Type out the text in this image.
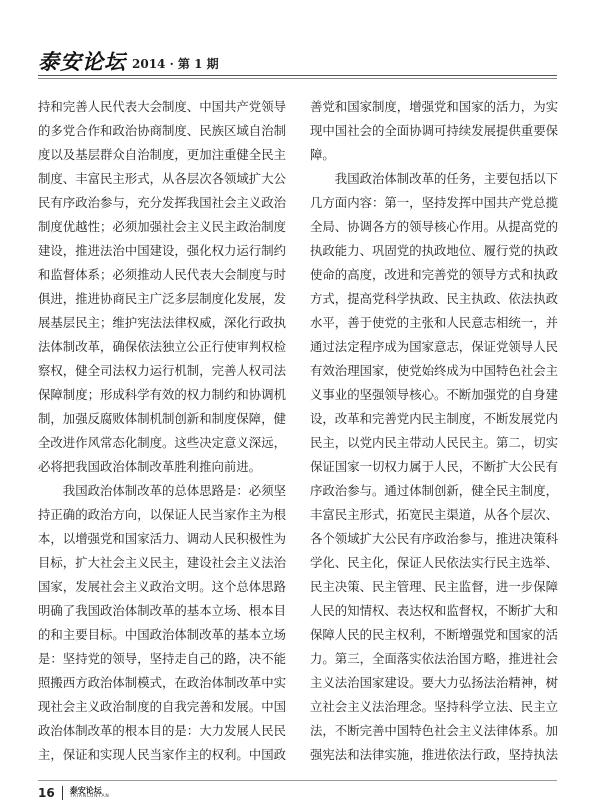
泰安论坛 2014 · 第 1 期

持和完善人民代表大会制度、中国共产党领导的多党合作和政治协商制度、民族区域自治制度以及基层群众自治制度，更加注重健全民主制度、丰富民主形式，从各层次各领域扩大公民有序政治参与，充分发挥我国社会主义政治制度优越性；必须加强社会主义民主政治制度建设，推进法治中国建设，强化权力运行制约和监督体系；必须推动人民代表大会制度与时俱进，推进协商民主广泛多层制度化发展，发展基层民主；维护宪法法律权威，深化行政执法体制改革，确保依法独立公正行使审判权检察权，健全司法权力运行机制，完善人权司法保障制度；形成科学有效的权力制约和协调机制，加强反腐败体制机制创新和制度保障，健全改进作风常态化制度。这些决定意义深远，必将把我国政治体制改革胜利推向前进。

我国政治体制改革的总体思路是：必须坚持正确的政治方向，以保证人民当家作主为根本，以增强党和国家活力、调动人民积极性为目标，扩大社会主义民主，建设社会主义法治国家，发展社会主义政治文明。这个总体思路明确了我国政治体制改革的基本立场、根本目的和主要目标。中国政治体制改革的基本立场是：坚持党的领导，坚持走自己的路，决不能照搬西方政治体制模式，在政治体制改革中实现社会主义政治制度的自我完善和发展。中国政治体制改革的根本目的是：大力发展人民民主，保证和实现人民当家作主的权利。中国政

善党和国家制度，增强党和国家的活力，为实现中国社会的全面协调可持续发展提供重要保障。

我国政治体制改革的任务，主要包括以下几方面内容：第一，坚持发挥中国共产党总揽全局、协调各方的领导核心作用。从提高党的执政能力、巩固党的执政地位、履行党的执政使命的高度，改进和完善党的领导方式和执政方式，提高党科学执政、民主执政、依法执政水平，善于使党的主张和人民意志相统一，并通过法定程序成为国家意志，保证党领导人民有效治理国家，使党始终成为中国特色社会主义事业的坚强领导核心。不断加强党的自身建设，改革和完善党内民主制度，不断发展党内民主，以党内民主带动人民民主。第二，切实保证国家一切权力属于人民，不断扩大公民有序政治参与。通过体制创新，健全民主制度，丰富民主形式，拓宽民主渠道，从各个层次、各个领域扩大公民有序政治参与，推进决策科学化、民主化，保证人民依法实行民主选举、民主决策、民主管理、民主监督，进一步保障人民的知情权、表达权和监督权，不断扩大和保障人民的民主权利，不断增强党和国家的活力。第三，全面落实依法治国方略，推进社会主义法治国家建设。要大力弘扬法治精神，树立社会主义法治理念。坚持科学立法、民主立法，不断完善中国特色社会主义法律体系。加强宪法和法律实施，推进依法行政，坚持执法

16 泰安论坛
TAIANLUNTAN
